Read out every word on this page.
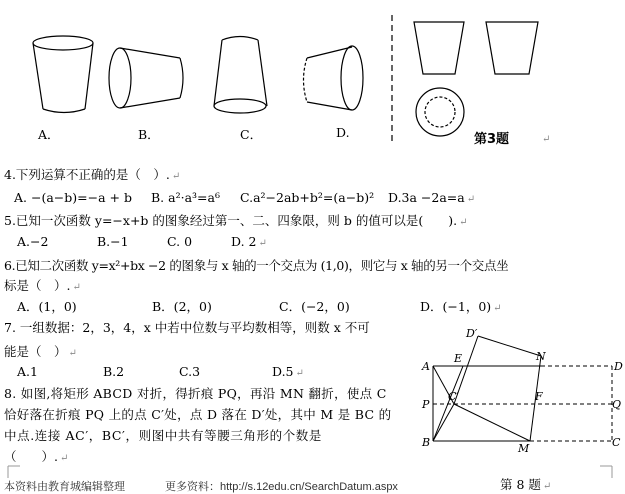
A．	B．	C．	D.	第3题	↵
4.下列运算不正确的是（　）. ↵
A. −(a−b)=−a + b B. a²·a³=a⁶ C.a²−2ab+b²=(a−b)² D.3a −2a=a ↵
5.已知一次函数 y=−x+b 的图象经过第一、二、四象限，则 b 的值可以是(　　). ↵
A.−2	B.−1	C. 0	D. 2 ↵
6.已知二次函数 y=x²+bx −2 的图象与 x 轴的一个交点为 (1,0)，则它与 x 轴的另一个交点坐
标是（　）. ↵
A．(1，0)	B．(2，0)	C．(−2，0)	D．(−1，0) ↵
7. 一组数据：2，3，4，x 中若中位数与平均数相等，则数 x 不可
能是（　） ↵
A.1	B.2	C.3	D.5 ↵
8. 如图,将矩形 ABCD 对折，得折痕 PQ，再沿 MN 翻折，使点 C
恰好落在折痕 PQ 上的点 C′处，点 D 落在 D′处，其中 M 是 BC 的
中点.连接 AC′，BC′，则图中共有等腰三角形的个数是
（　　）. ↵
D′
E	N
D
A
C′	F
P	Q
B	M	C
第 8 题 ↵
本资料由教育城编辑整理	更多资料：http://s.12edu.cn/SearchDatum.aspx
